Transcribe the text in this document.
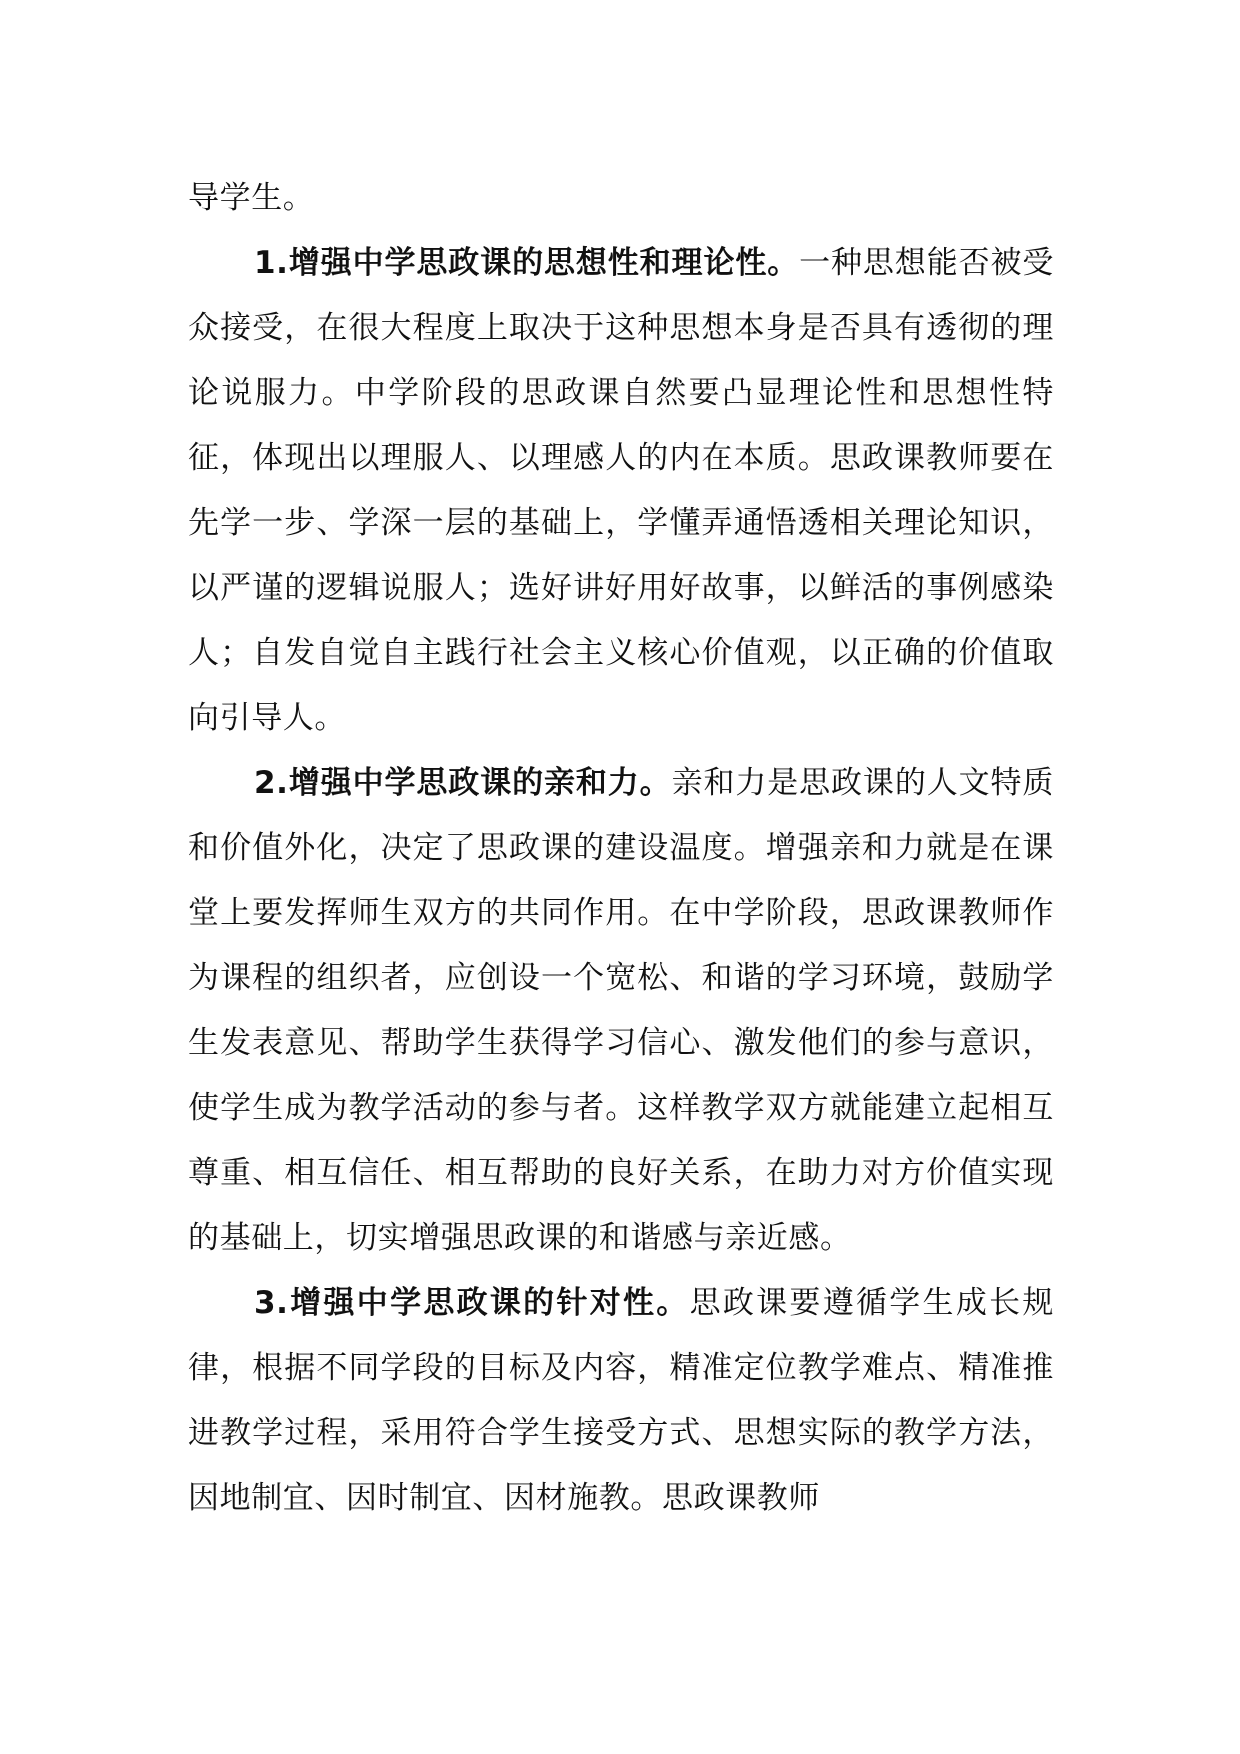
导学生。

1.增强中学思政课的思想性和理论性。一种思想能否被受众接受，在很大程度上取决于这种思想本身是否具有透彻的理论说服力。中学阶段的思政课自然要凸显理论性和思想性特征，体现出以理服人、以理感人的内在本质。思政课教师要在先学一步、学深一层的基础上，学懂弄通悟透相关理论知识，以严谨的逻辑说服人；选好讲好用好故事，以鲜活的事例感染人；自发自觉自主践行社会主义核心价值观，以正确的价值取向引导人。

2.增强中学思政课的亲和力。亲和力是思政课的人文特质和价值外化，决定了思政课的建设温度。增强亲和力就是在课堂上要发挥师生双方的共同作用。在中学阶段，思政课教师作为课程的组织者，应创设一个宽松、和谐的学习环境，鼓励学生发表意见、帮助学生获得学习信心、激发他们的参与意识，使学生成为教学活动的参与者。这样教学双方就能建立起相互尊重、相互信任、相互帮助的良好关系，在助力对方价值实现的基础上，切实增强思政课的和谐感与亲近感。

3.增强中学思政课的针对性。思政课要遵循学生成长规律，根据不同学段的目标及内容，精准定位教学难点、精准推进教学过程，采用符合学生接受方式、思想实际的教学方法，因地制宜、因时制宜、因材施教。思政课教师
